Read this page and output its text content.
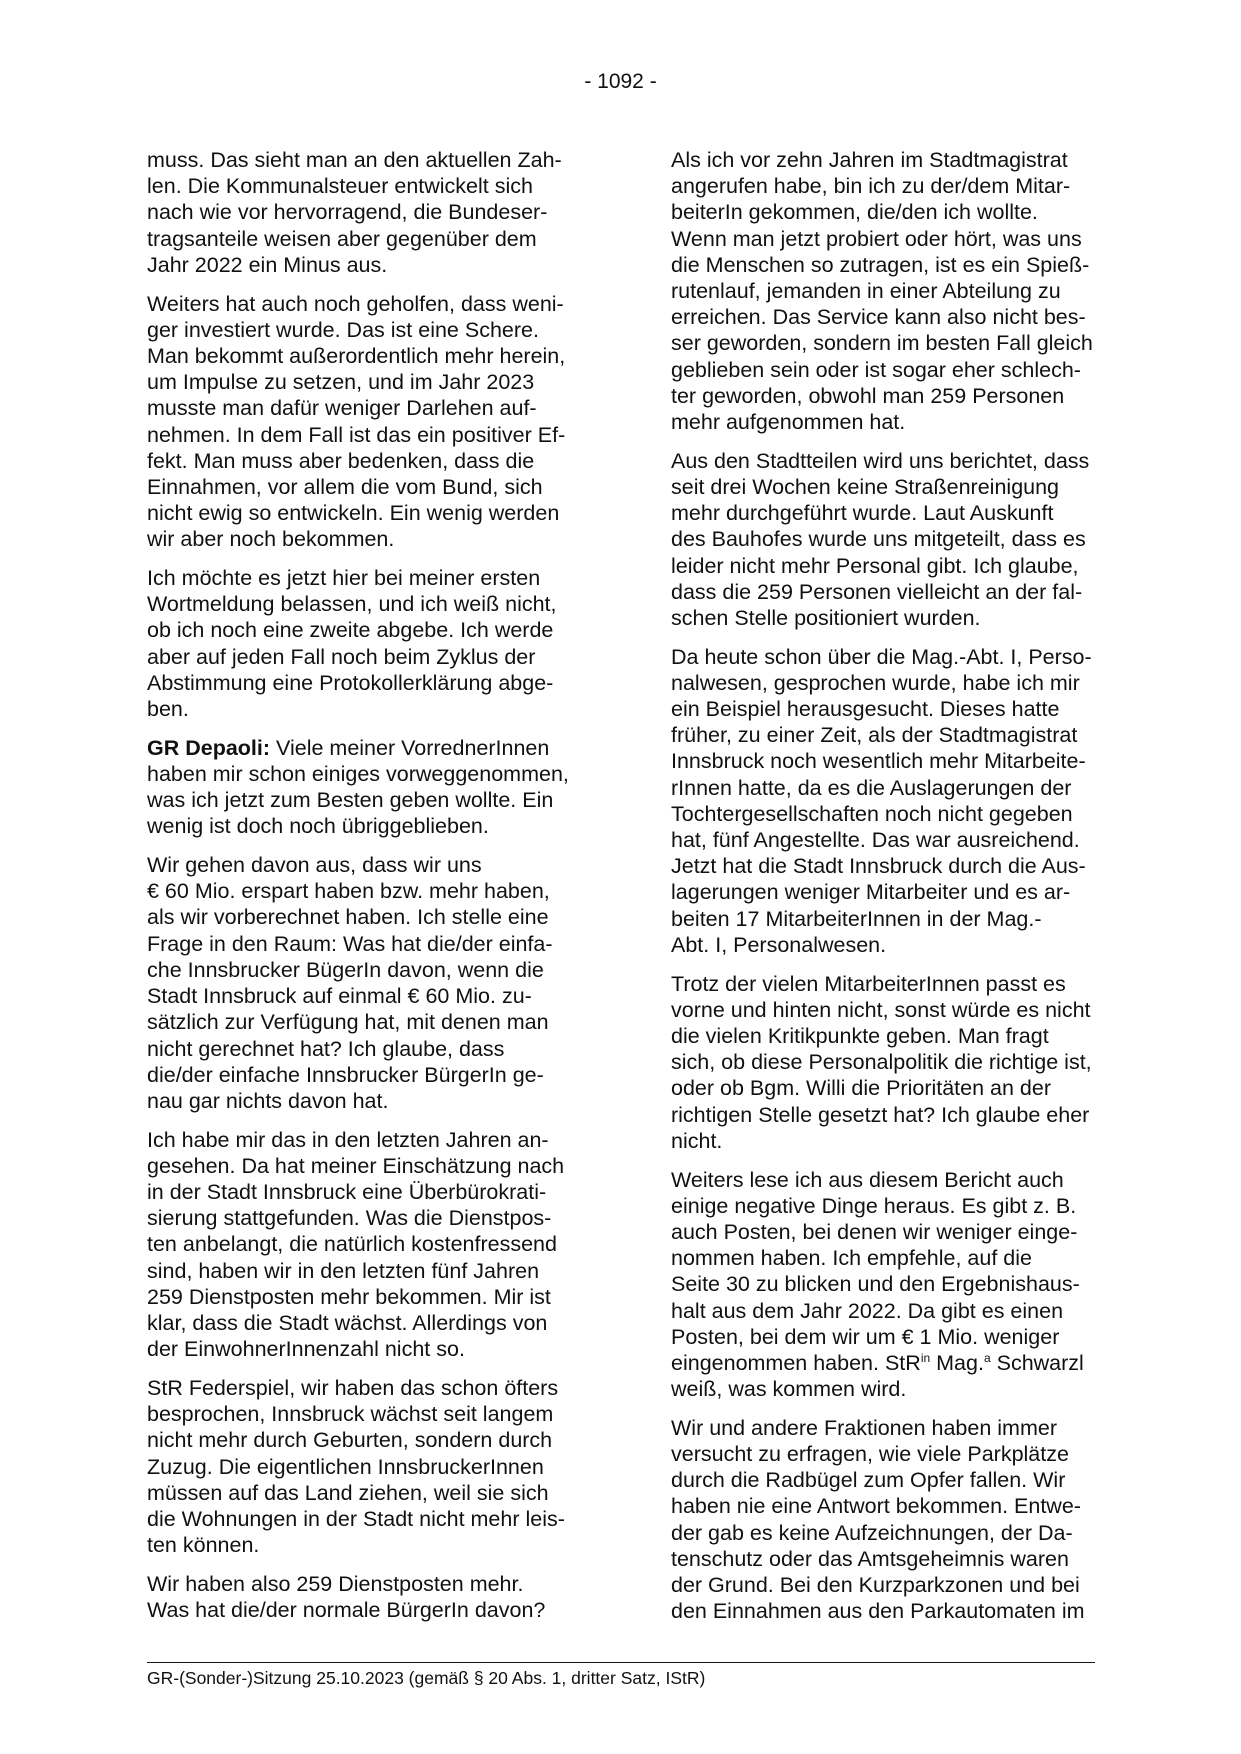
- 1092 -

muss. Das sieht man an den aktuellen Zah-
len. Die Kommunalsteuer entwickelt sich
nach wie vor hervorragend, die Bundeser-
tragsanteile weisen aber gegenüber dem
Jahr 2022 ein Minus aus.

Weiters hat auch noch geholfen, dass weni-
ger investiert wurde. Das ist eine Schere.
Man bekommt außerordentlich mehr herein,
um Impulse zu setzen, und im Jahr 2023
musste man dafür weniger Darlehen auf-
nehmen. In dem Fall ist das ein positiver Ef-
fekt. Man muss aber bedenken, dass die
Einnahmen, vor allem die vom Bund, sich
nicht ewig so entwickeln. Ein wenig werden
wir aber noch bekommen.

Ich möchte es jetzt hier bei meiner ersten
Wortmeldung belassen, und ich weiß nicht,
ob ich noch eine zweite abgebe. Ich werde
aber auf jeden Fall noch beim Zyklus der
Abstimmung eine Protokollerklärung abge-
ben.

GR Depaoli: Viele meiner VorrednerInnen
haben mir schon einiges vorweggenommen,
was ich jetzt zum Besten geben wollte. Ein
wenig ist doch noch übriggeblieben.

Wir gehen davon aus, dass wir uns
€ 60 Mio. erspart haben bzw. mehr haben,
als wir vorberechnet haben. Ich stelle eine
Frage in den Raum: Was hat die/der einfa-
che Innsbrucker BügerIn davon, wenn die
Stadt Innsbruck auf einmal € 60 Mio. zu-
sätzlich zur Verfügung hat, mit denen man
nicht gerechnet hat? Ich glaube, dass
die/der einfache Innsbrucker BürgerIn ge-
nau gar nichts davon hat.

Ich habe mir das in den letzten Jahren an-
gesehen. Da hat meiner Einschätzung nach
in der Stadt Innsbruck eine Überbürokrati-
sierung stattgefunden. Was die Dienstpos-
ten anbelangt, die natürlich kostenfressend
sind, haben wir in den letzten fünf Jahren
259 Dienstposten mehr bekommen. Mir ist
klar, dass die Stadt wächst. Allerdings von
der EinwohnerInnenzahl nicht so.

StR Federspiel, wir haben das schon öfters
besprochen, Innsbruck wächst seit langem
nicht mehr durch Geburten, sondern durch
Zuzug. Die eigentlichen InnsbruckerInnen
müssen auf das Land ziehen, weil sie sich
die Wohnungen in der Stadt nicht mehr leis-
ten können.

Wir haben also 259 Dienstposten mehr.
Was hat die/der normale BürgerIn davon?

Als ich vor zehn Jahren im Stadtmagistrat
angerufen habe, bin ich zu der/dem Mitar-
beiterIn gekommen, die/den ich wollte.
Wenn man jetzt probiert oder hört, was uns
die Menschen so zutragen, ist es ein Spieß-
rutenlauf, jemanden in einer Abteilung zu
erreichen. Das Service kann also nicht bes-
ser geworden, sondern im besten Fall gleich
geblieben sein oder ist sogar eher schlech-
ter geworden, obwohl man 259 Personen
mehr aufgenommen hat.

Aus den Stadtteilen wird uns berichtet, dass
seit drei Wochen keine Straßenreinigung
mehr durchgeführt wurde. Laut Auskunft
des Bauhofes wurde uns mitgeteilt, dass es
leider nicht mehr Personal gibt. Ich glaube,
dass die 259 Personen vielleicht an der fal-
schen Stelle positioniert wurden.

Da heute schon über die Mag.-Abt. I, Perso-
nalwesen, gesprochen wurde, habe ich mir
ein Beispiel herausgesucht. Dieses hatte
früher, zu einer Zeit, als der Stadtmagistrat
Innsbruck noch wesentlich mehr Mitarbeite-
rInnen hatte, da es die Auslagerungen der
Tochtergesellschaften noch nicht gegeben
hat, fünf Angestellte. Das war ausreichend.
Jetzt hat die Stadt Innsbruck durch die Aus-
lagerungen weniger Mitarbeiter und es ar-
beiten 17 MitarbeiterInnen in der Mag.-
Abt. I, Personalwesen.

Trotz der vielen MitarbeiterInnen passt es
vorne und hinten nicht, sonst würde es nicht
die vielen Kritikpunkte geben. Man fragt
sich, ob diese Personalpolitik die richtige ist,
oder ob Bgm. Willi die Prioritäten an der
richtigen Stelle gesetzt hat? Ich glaube eher
nicht.

Weiters lese ich aus diesem Bericht auch
einige negative Dinge heraus. Es gibt z. B.
auch Posten, bei denen wir weniger einge-
nommen haben. Ich empfehle, auf die
Seite 30 zu blicken und den Ergebnishaus-
halt aus dem Jahr 2022. Da gibt es einen
Posten, bei dem wir um € 1 Mio. weniger
eingenommen haben. StR$^{in}$ Mag.$^a$ Schwarzl
weiß, was kommen wird.

Wir und andere Fraktionen haben immer
versucht zu erfragen, wie viele Parkplätze
durch die Radbügel zum Opfer fallen. Wir
haben nie eine Antwort bekommen. Entwe-
der gab es keine Aufzeichnungen, der Da-
tenschutz oder das Amtsgeheimnis waren
der Grund. Bei den Kurzparkzonen und bei
den Einnahmen aus den Parkautomaten im

GR-(Sonder-)Sitzung 25.10.2023 (gemäß § 20 Abs. 1, dritter Satz, IStR)
